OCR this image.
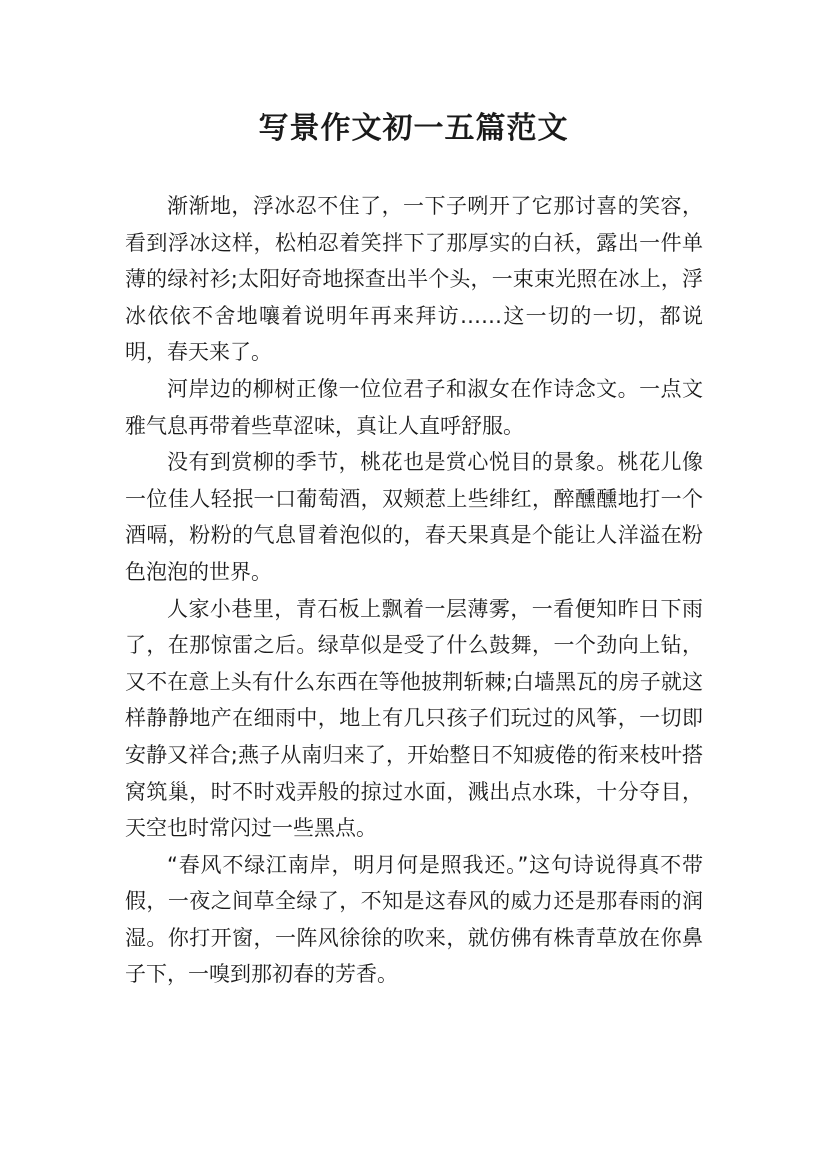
写景作文初一五篇范文

渐渐地，浮冰忍不住了，一下子咧开了它那讨喜的笑容，看到浮冰这样，松柏忍着笑拌下了那厚实的白袄，露出一件单薄的绿衬衫;太阳好奇地探查出半个头，一束束光照在冰上，浮冰依依不舍地嚷着说明年再来拜访……这一切的一切，都说明，春天来了。

河岸边的柳树正像一位位君子和淑女在作诗念文。一点文雅气息再带着些草涩味，真让人直呼舒服。

没有到赏柳的季节，桃花也是赏心悦目的景象。桃花儿像一位佳人轻抿一口葡萄酒，双颊惹上些绯红，醉醺醺地打一个酒嗝，粉粉的气息冒着泡似的，春天果真是个能让人洋溢在粉色泡泡的世界。

人家小巷里，青石板上飘着一层薄雾，一看便知昨日下雨了，在那惊雷之后。绿草似是受了什么鼓舞，一个劲向上钻，又不在意上头有什么东西在等他披荆斩棘;白墙黑瓦的房子就这样静静地产在细雨中，地上有几只孩子们玩过的风筝，一切即安静又祥合;燕子从南归来了，开始整日不知疲倦的衔来枝叶搭窝筑巢，时不时戏弄般的掠过水面，溅出点水珠，十分夺目，天空也时常闪过一些黑点。

“春风不绿江南岸，明月何是照我还。”这句诗说得真不带假，一夜之间草全绿了，不知是这春风的威力还是那春雨的润湿。你打开窗，一阵风徐徐的吹来，就仿佛有株青草放在你鼻子下，一嗅到那初春的芳香。
